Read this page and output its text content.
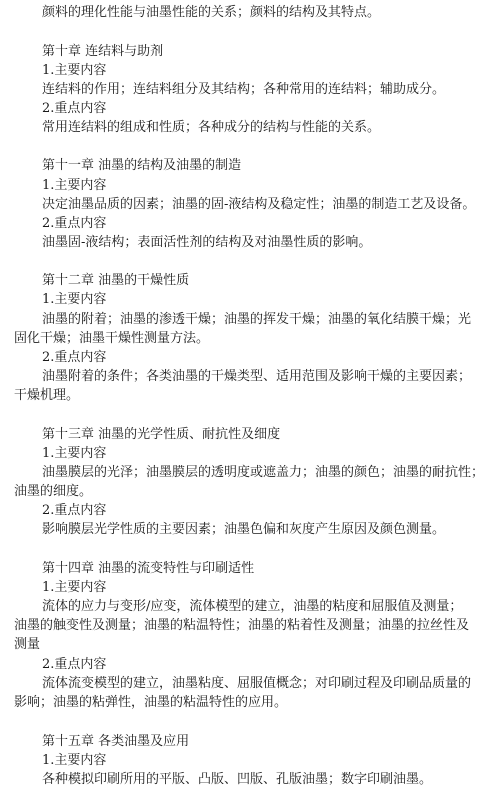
颜料的理化性能与油墨性能的关系；颜料的结构及其特点。
第十章 连结料与助剂
1.主要内容
连结料的作用；连结料组分及其结构；各种常用的连结料；辅助成分。
2.重点内容
常用连结料的组成和性质；各种成分的结构与性能的关系。
第十一章 油墨的结构及油墨的制造
1.主要内容
决定油墨品质的因素；油墨的固-液结构及稳定性；油墨的制造工艺及设备。
2.重点内容
油墨固-液结构；表面活性剂的结构及对油墨性质的影响。
第十二章 油墨的干燥性质
1.主要内容
油墨的附着；油墨的渗透干燥；油墨的挥发干燥；油墨的氧化结膜干燥；光
固化干燥；油墨干燥性测量方法。
2.重点内容
油墨附着的条件；各类油墨的干燥类型、适用范围及影响干燥的主要因素；
干燥机理。
第十三章 油墨的光学性质、耐抗性及细度
1.主要内容
油墨膜层的光泽；油墨膜层的透明度或遮盖力；油墨的颜色；油墨的耐抗性；
油墨的细度。
2.重点内容
影响膜层光学性质的主要因素；油墨色偏和灰度产生原因及颜色测量。
第十四章 油墨的流变特性与印刷适性
1.主要内容
流体的应力与变形/应变，流体模型的建立，油墨的粘度和屈服值及测量；
油墨的触变性及测量；油墨的粘温特性；油墨的粘着性及测量；油墨的拉丝性及
测量
2.重点内容
流体流变模型的建立，油墨粘度、屈服值概念；对印刷过程及印刷品质量的
影响；油墨的粘弹性，油墨的粘温特性的应用。
第十五章 各类油墨及应用
1.主要内容
各种模拟印刷所用的平版、凸版、凹版、孔版油墨；数字印刷油墨。
